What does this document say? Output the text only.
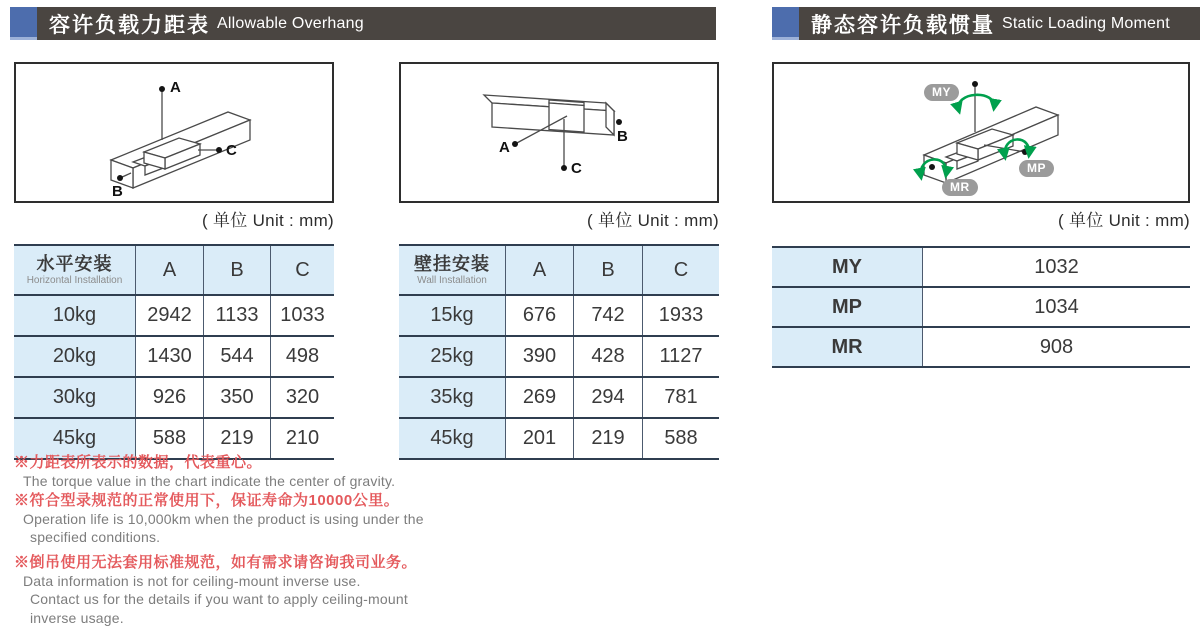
容许负载力距表 Allowable Overhang	静态容许负载惯量 Static Loading Moment
A
B
C
( 单位 Unit : mm)
A
B
C
( 单位 Unit : mm)
MY
MP
MR
( 单位 Unit : mm)
水平安装
Horizontal Installation	A	B	C
10kg	2942	1133	1033
20kg	1430	544	498
30kg	926	350	320
45kg	588	219	210
壁挂安装
Wall Installation	A	B	C
15kg	676	742	1933
25kg	390	428	1127
35kg	269	294	781
45kg	201	219	588
MY	1032
MP	1034
MR	908
※力距表所表示的数据，代表重心。
The torque value in the chart indicate the center of gravity.
※符合型录规范的正常使用下，保证寿命为10000公里。
Operation life is 10,000km when the product is using under the
specified conditions.
※倒吊使用无法套用标准规范，如有需求请咨询我司业务。
Data information is not for ceiling-mount inverse use.
Contact us for the details if you want to apply ceiling-mount
inverse usage.
